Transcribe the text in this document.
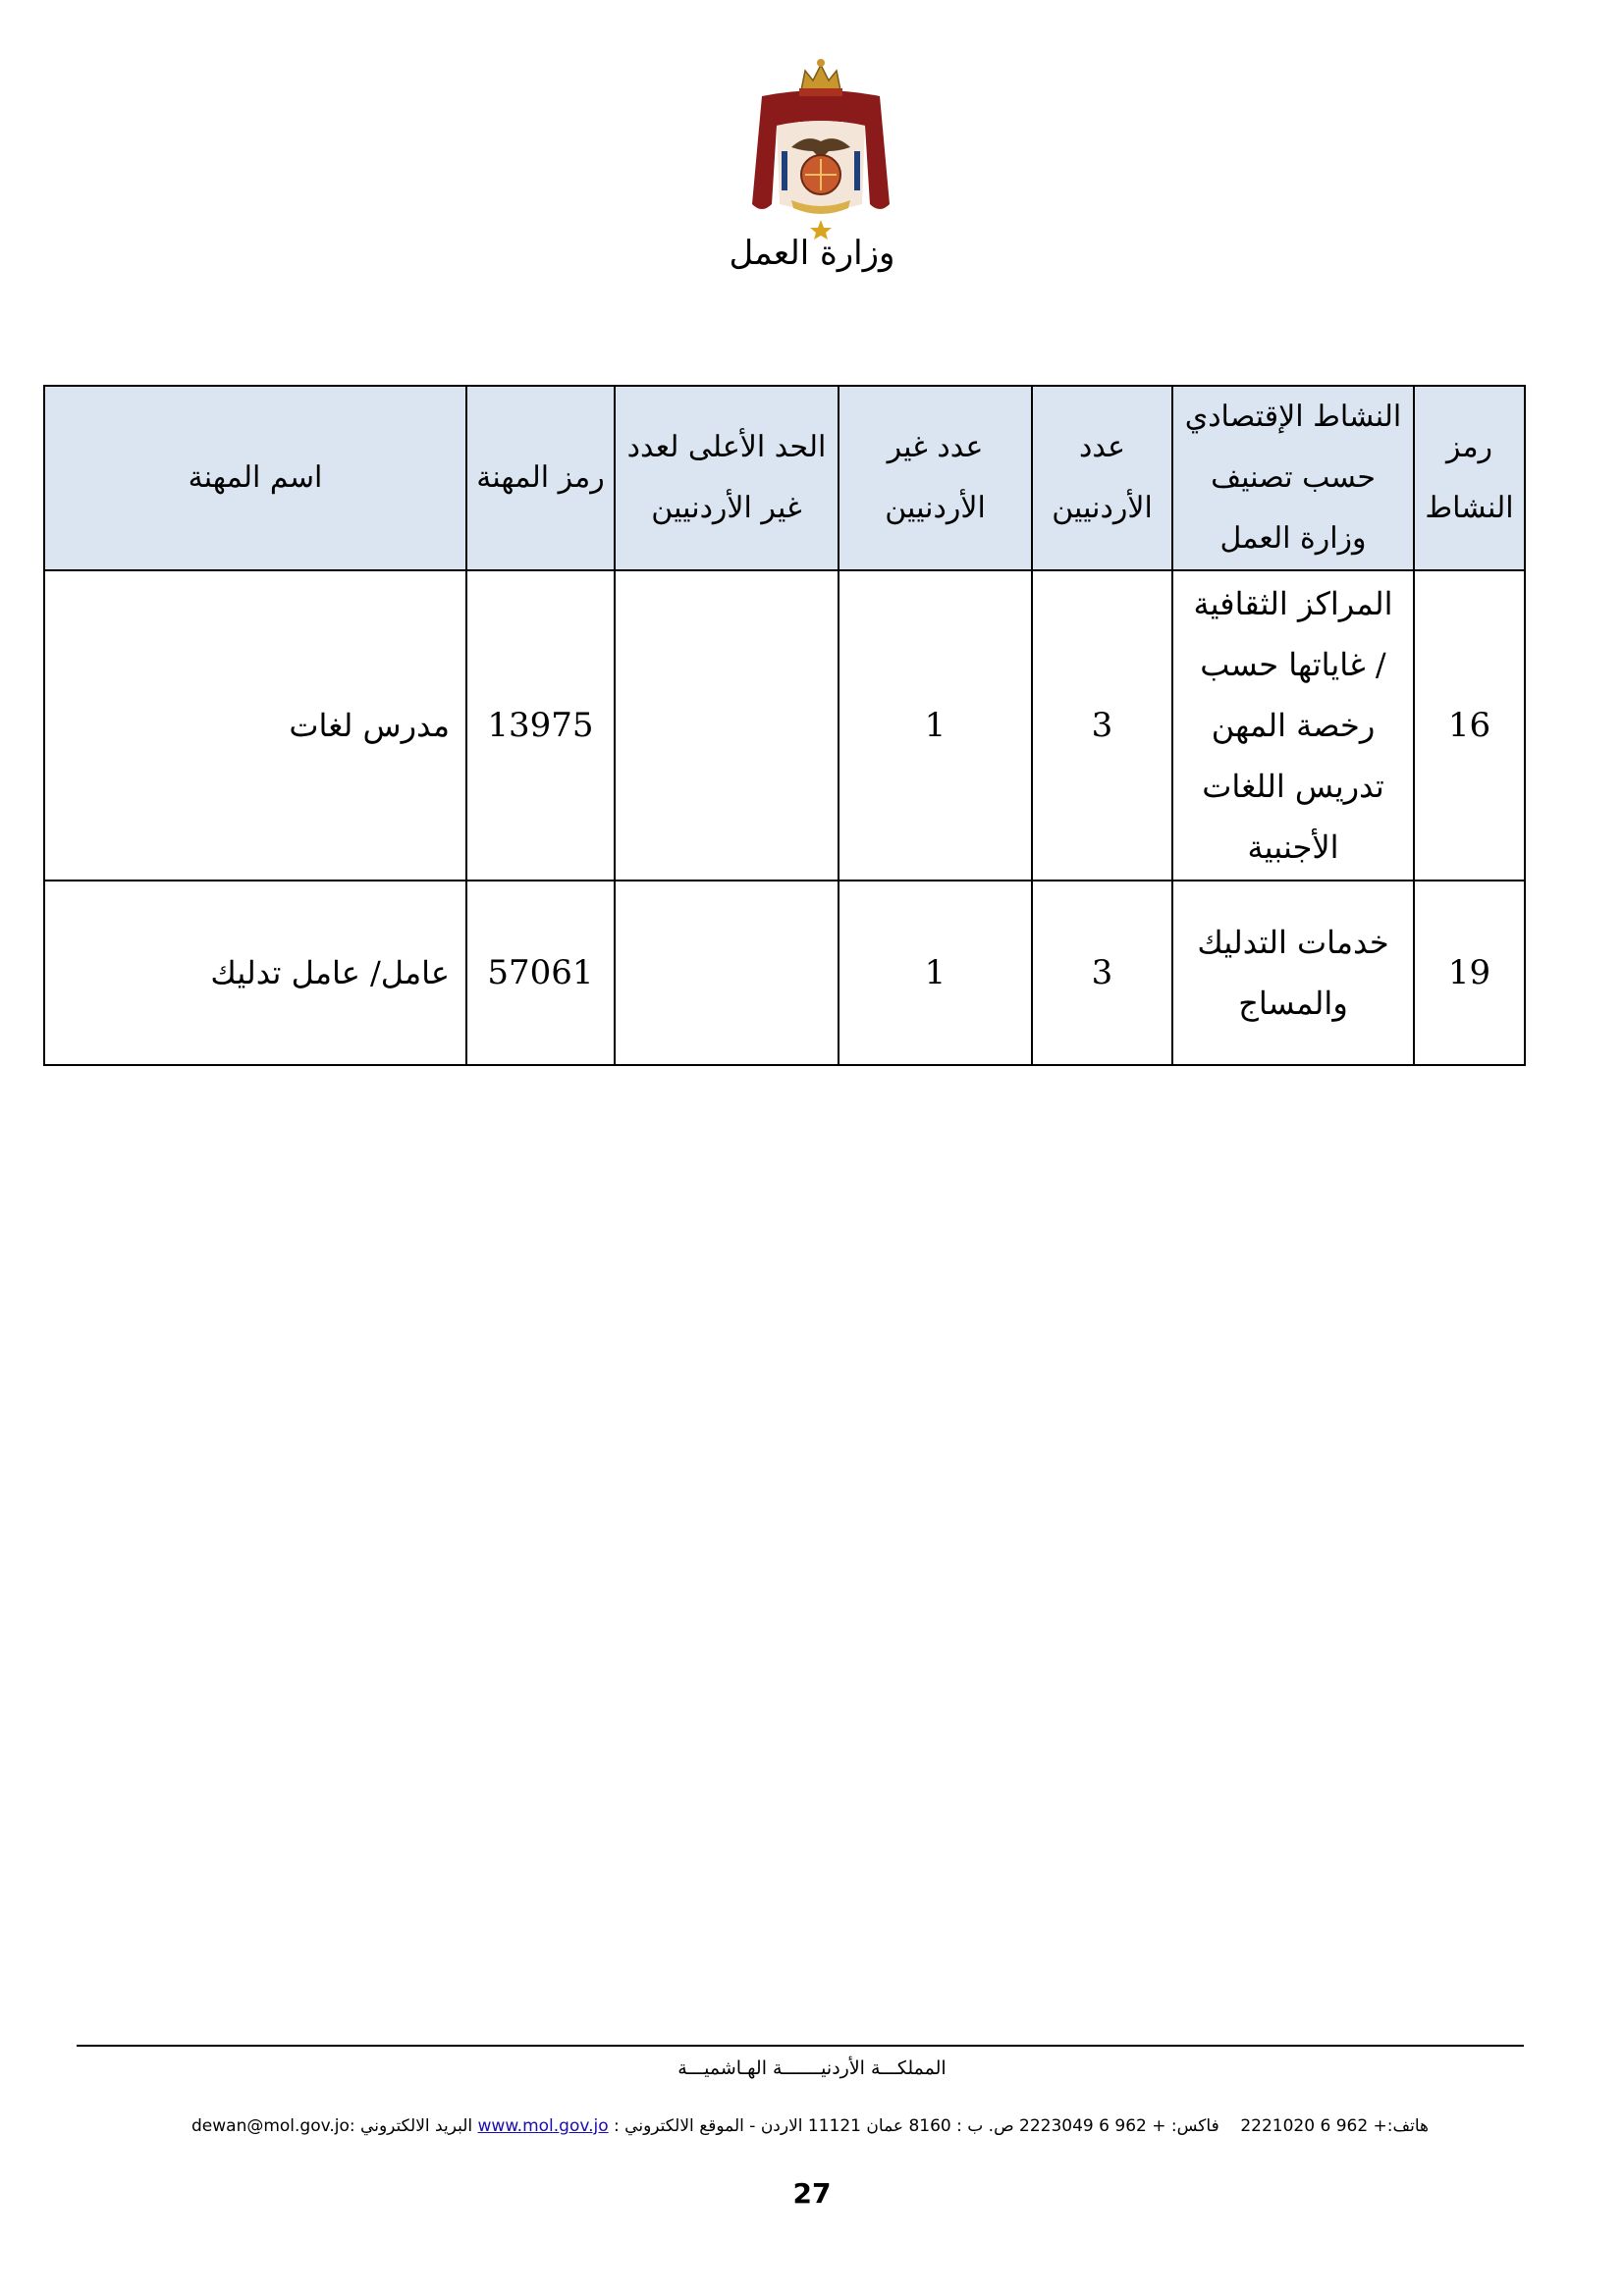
وزارة العمل
رمز النشاط	النشاط الإقتصادي حسب تصنيف وزارة العمل	عدد الأردنيين	عدد غير الأردنيين	الحد الأعلى لعدد غير الأردنيين	رمز المهنة	اسم المهنة
16	المراكز الثقافية / غاياتها حسب رخصة المهن تدريس اللغات الأجنبية	3	1		13975	مدرس لغات
19	خدمات التدليك والمساج	3	1		57061	عامل/ عامل تدليك
المملكـــة الأردنيـــــــة الهـاشميـــة
هاتف:+ 962 6 2221020    فاكس: + 962 6 2223049 ص. ب : 8160 عمان 11121 الاردن - الموقع الالكتروني : www.mol.gov.jo البريد الالكتروني :dewan@mol.gov.jo
27
